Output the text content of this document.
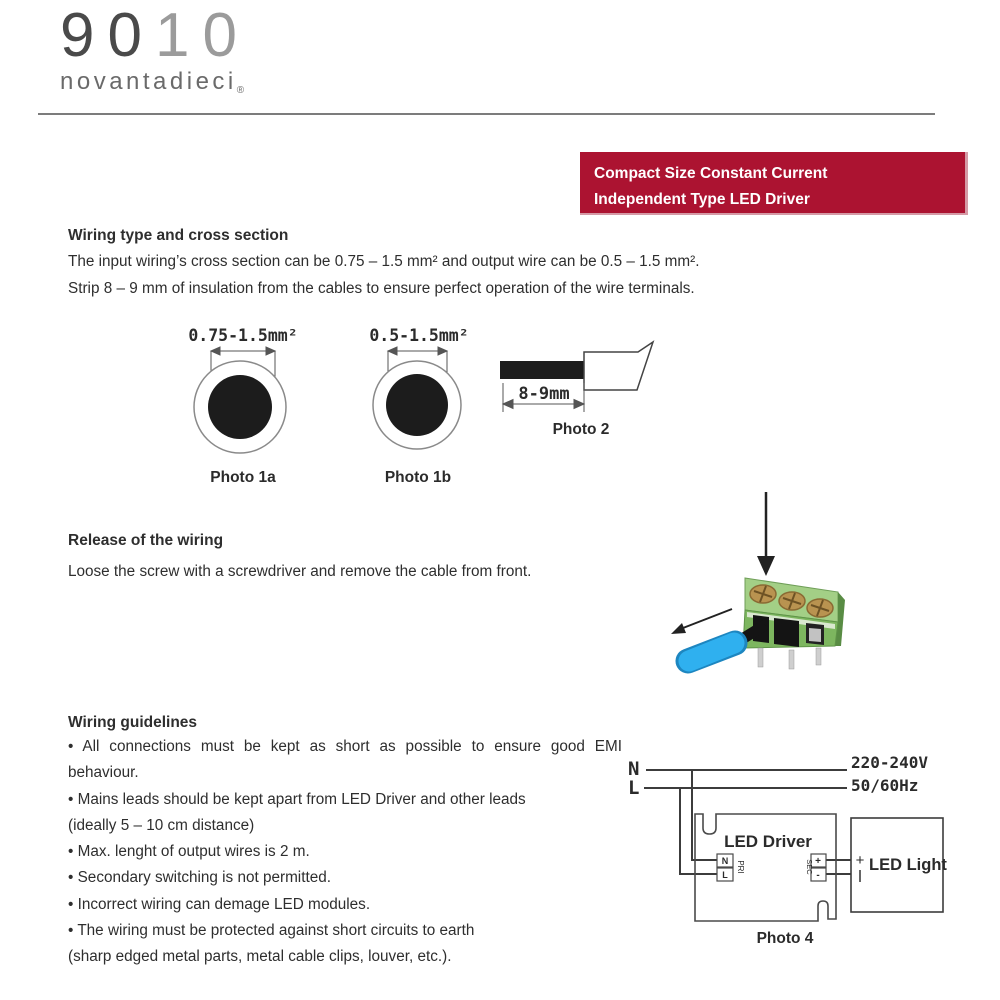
9010
novantadieci®
Compact Size Constant Current
Independent Type LED Driver
Wiring type and cross section

The input wiring’s cross section can be 0.75 – 1.5 mm² and output wire can be 0.5 – 1.5 mm².

Strip 8 – 9 mm of insulation from the cables to ensure perfect operation of the wire terminals.

0.75-1.5mm²
Photo 1a
0.5-1.5mm²
Photo 1b
8-9mm
Photo 2
Release of the wiring

Loose the screw with a screwdriver and remove the cable from front.

Wiring guidelines

• All connections must be kept as short as possible to ensure good EMI

behaviour.

• Mains leads should be kept apart from LED Driver and other leads

(ideally 5 – 10 cm distance)

• Max. lenght of output wires is 2 m.

• Secondary switching is not permitted.

• Incorrect wiring can demage LED modules.

• The wiring must be protected against short circuits to earth

(sharp edged metal parts, metal cable clips, louver, etc.).

N
L
220-240V
50/60Hz
LED Driver
N
L
PRI	+
-
SEC	+ LED Light
Photo 4
